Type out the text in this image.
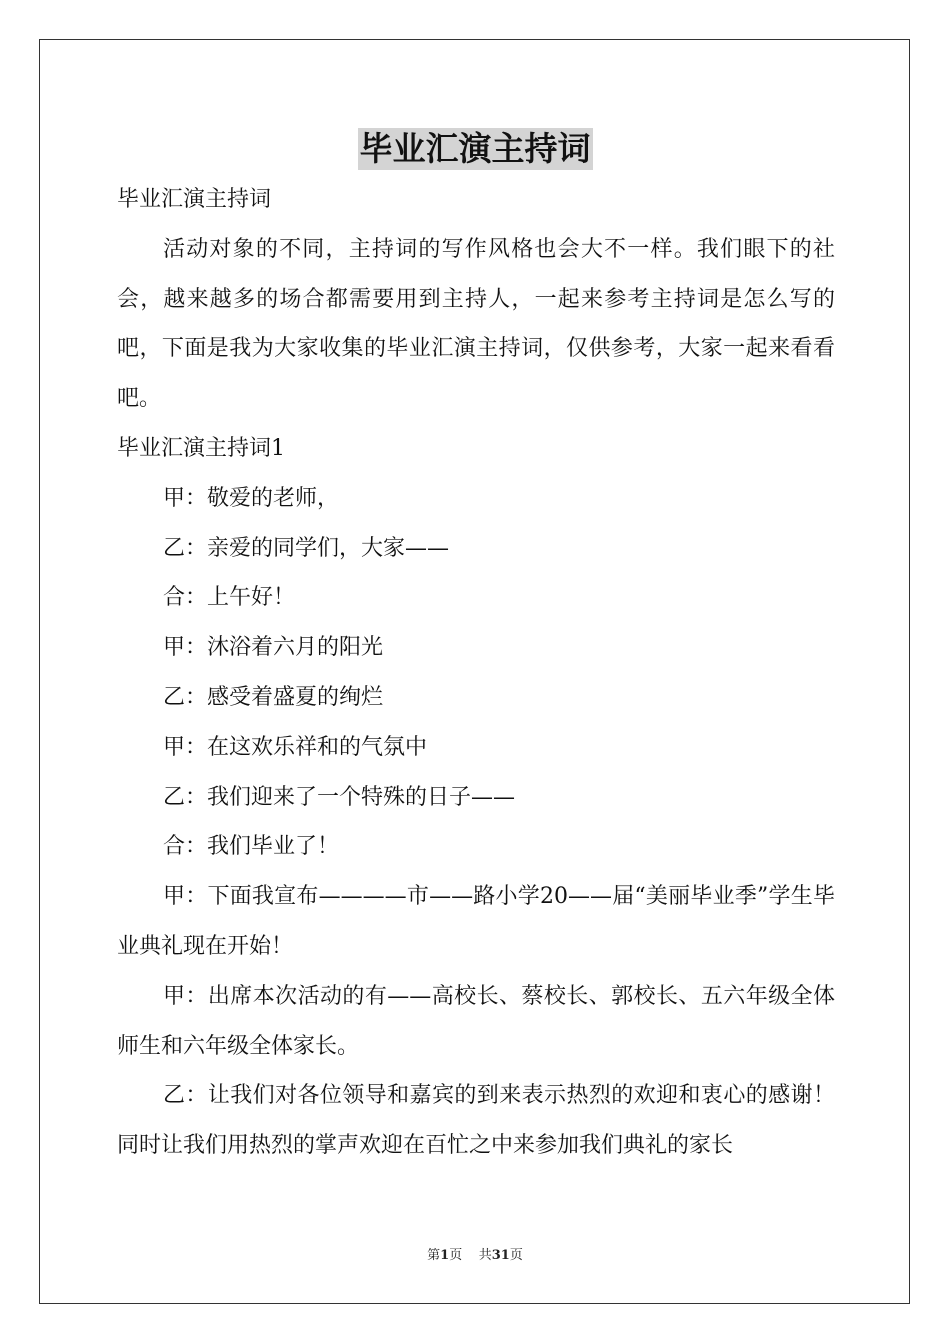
毕业汇演主持词

毕业汇演主持词

活动对象的不同，主持词的写作风格也会大不一样。我们眼下的社会，越来越多的场合都需要用到主持人，一起来参考主持词是怎么写的吧，下面是我为大家收集的毕业汇演主持词，仅供参考，大家一起来看看吧。

毕业汇演主持词1

甲：敬爱的老师，

乙：亲爱的同学们，大家——

合：上午好！

甲：沐浴着六月的阳光

乙：感受着盛夏的绚烂

甲：在这欢乐祥和的气氛中

乙：我们迎来了一个特殊的日子——

合：我们毕业了！

甲：下面我宣布————市——路小学20——届“美丽毕业季”学生毕业典礼现在开始！

甲：出席本次活动的有——高校长、蔡校长、郭校长、五六年级全体师生和六年级全体家长。

乙：让我们对各位领导和嘉宾的到来表示热烈的欢迎和衷心的感谢！同时让我们用热烈的掌声欢迎在百忙之中来参加我们典礼的家长

第1页 共31页
